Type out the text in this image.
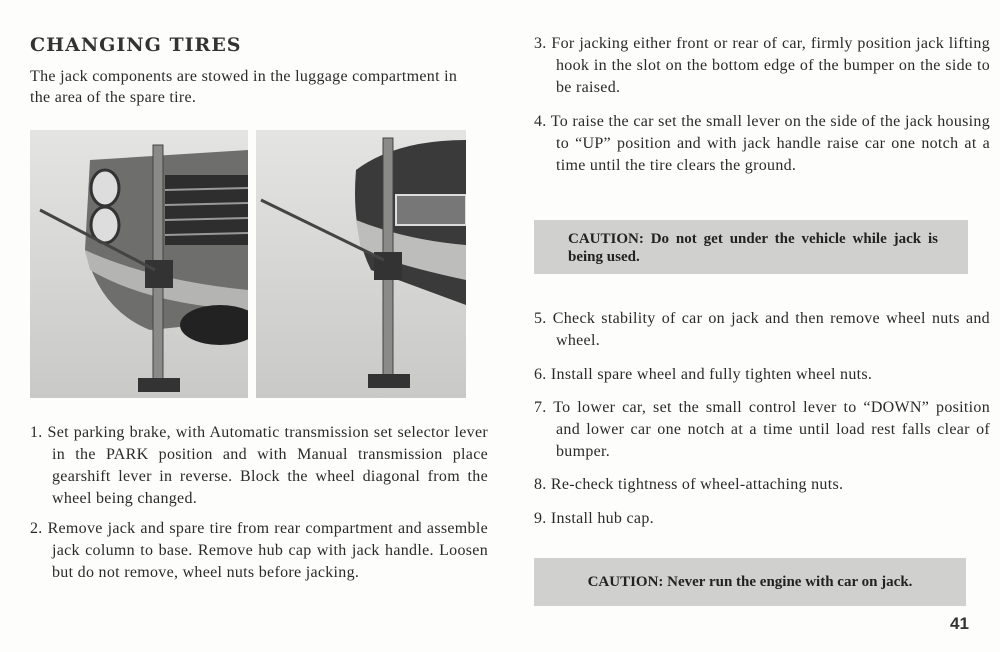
CHANGING TIRES
The jack components are stowed in the luggage compartment in the area of the spare tire.
1. Set parking brake, with Automatic transmission set selector lever in the PARK position and with Manual transmission place gearshift lever in reverse. Block the wheel diagonal from the wheel being changed.
2. Remove jack and spare tire from rear compartment and assemble jack column to base. Remove hub cap with jack handle. Loosen but do not remove, wheel nuts before jacking.
3. For jacking either front or rear of car, firmly position jack lifting hook in the slot on the bottom edge of the bumper on the side to be raised.
4. To raise the car set the small lever on the side of the jack housing to “UP” position and with jack handle raise car one notch at a time until the tire clears the ground.
CAUTION: Do not get under the vehicle while jack is being used.
5. Check stability of car on jack and then remove wheel nuts and wheel.
6. Install spare wheel and fully tighten wheel nuts.
7. To lower car, set the small control lever to “DOWN” position and lower car one notch at a time until load rest falls clear of bumper.
8. Re-check tightness of wheel-attaching nuts.
9. Install hub cap.
CAUTION: Never run the engine with car on jack.
41
